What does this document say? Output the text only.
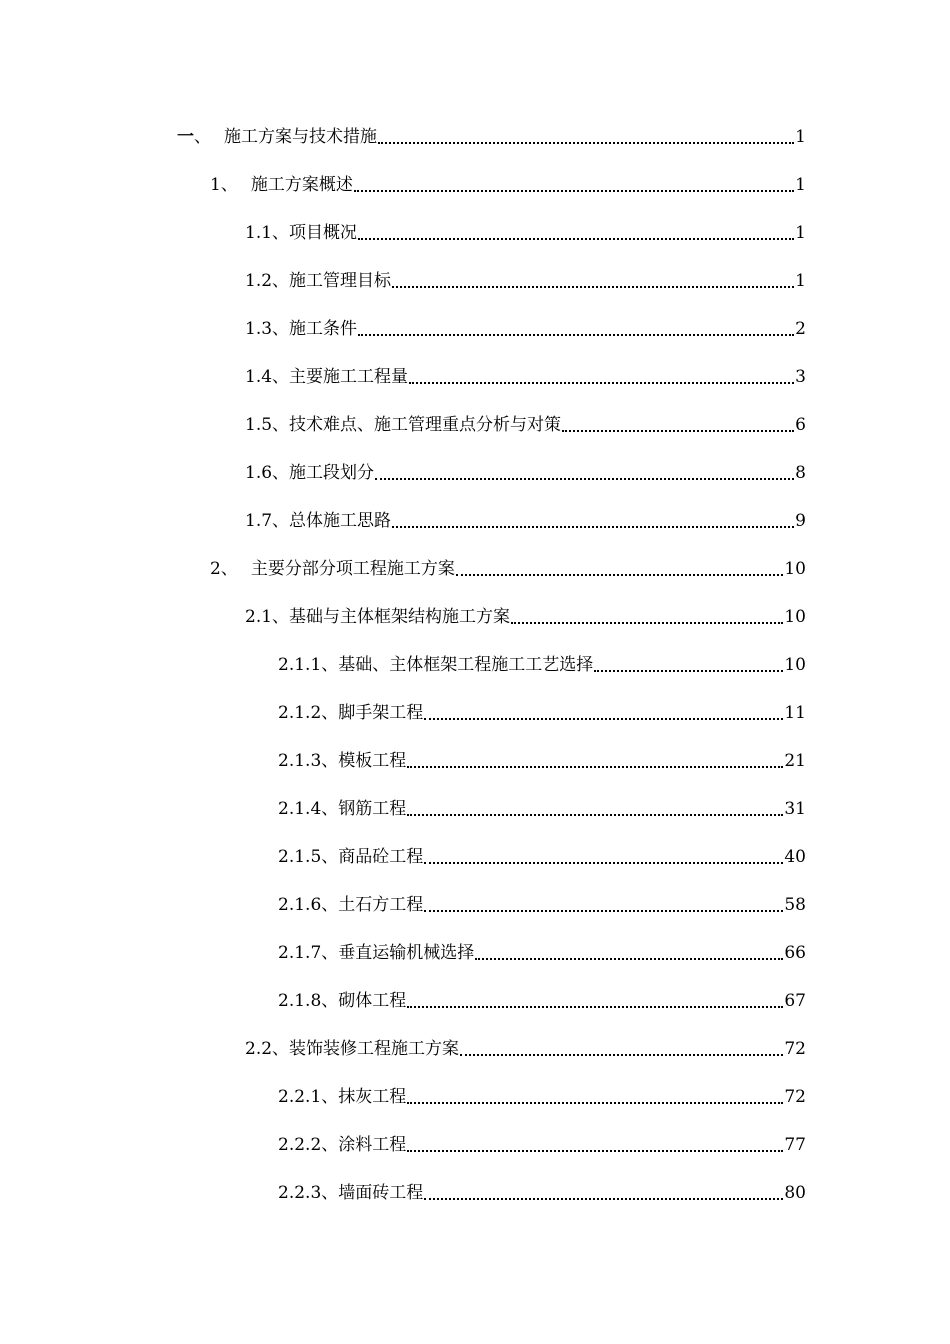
一 、 施工方案与技术措施	1
1 、 施工方案概述	1
1.1 、 项目概况	1
1.2 、 施工管理目标	1
1.3 、 施工条件	2
1.4 、 主要施工工程量	3
1.5 、 技术难点、施工管理重点分析与对策	6
1.6 、 施工段划分	8
1.7 、 总体施工思路	9
2 、 主要分部分项工程施工方案	10
2.1 、 基础与主体框架结构施工方案	10
2.1.1 、 基础、主体框架工程施工工艺选择	10
2.1.2 、 脚手架工程	11
2.1.3 、 模板工程	21
2.1.4 、 钢筋工程	31
2.1.5 、 商品砼工程	40
2.1.6 、 土石方工程	58
2.1.7 、 垂直运输机械选择	66
2.1.8 、 砌体工程	67
2.2 、 装饰装修工程施工方案	72
2.2.1 、 抹灰工程	72
2.2.2 、 涂料工程	77
2.2.3 、 墙面砖工程	80
